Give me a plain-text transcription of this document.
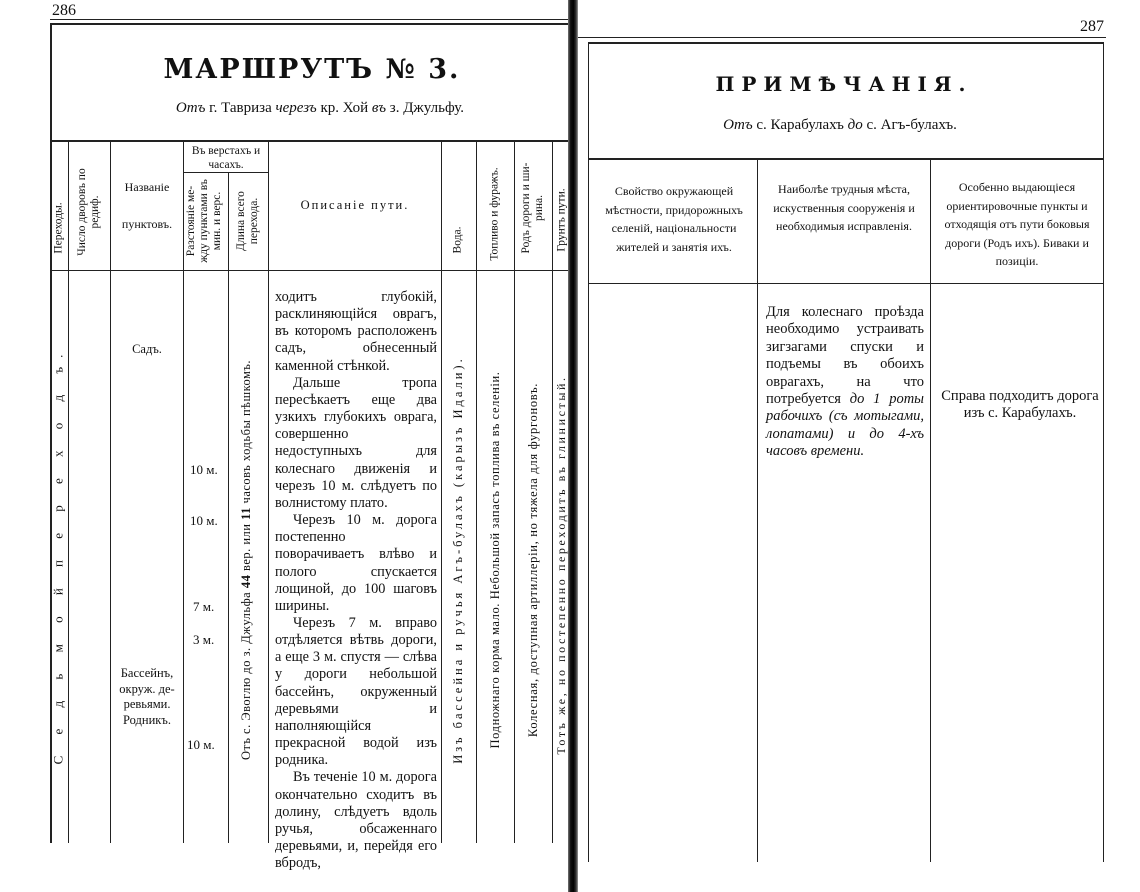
286
МАРШРУТЪ № 3.
Отъ г. Тавриза черезъ кр. Хой въ з. Джульфу.
Переходы. Число дворовъ по редиф.
Названіе
пунктовъ.
Въ верстахъ и часахъ.
Разстояніе ме- жду пунктами въ мин. и верс. Длина всего перехода.	Описаніе пути.
Вода. Топливо и фуражъ. Родъ дороги и ши- рина. Грунтъ пути.
С е д ь м о й п е р е х о д ъ.	Садъ.
Бассейнъ,
окруж. де-
ревьями.
Родникъ.
10 м.
10 м.
7 м.
3 м.
10 м. Отъ с. Эвоглю до з. Джульфа 44 вер. или 11 часовъ ходьбы пѣшкомъ.

ходитъ глубокій, расклиняющійся оврагъ, въ которомъ расположенъ садъ, обнесенный каменной стѣнкой.

Дальше тропа пересѣкаетъ еще два узкихъ глубокихъ оврага, совершенно недоступныхъ для колеснаго движенія и черезъ 10 м. слѣдуетъ по волнистому плато.

Черезъ 10 м. дорога постепенно поворачиваетъ влѣво и полого спускается лощиной, до 100 шаговъ ширины.

Черезъ 7 м. вправо отдѣляется вѣтвь дороги, а еще 3 м. спустя — слѣва у дороги небольшой бассейнъ, окруженный деревьями и наполняющійся прекрасной водой изъ родника.

Въ теченіе 10 м. дорога окончательно сходитъ въ долину, слѣдуетъ вдоль ручья, обсаженнаго деревьями, и, перейдя его вбродъ,

Изъ бассейна и ручья Агъ-булахъ (карызъ Идали). Подножнаго корма мало. Небольшой запасъ топлива въ селеніи. Колесная, доступная артиллеріи, но тяжела для фургоновъ. Тотъ же, но постепенно переходитъ въ глинистый.
287
ПРИМѢЧАНІЯ.
Отъ с. Карабулахъ до с. Агъ-булахъ.
Свойство окружающей мѣстности, придорожныхъ селеній, національности жителей и занятія ихъ.
Наиболѣе трудныя мѣста, искуственныя сооруженія и необходимыя исправленія.
Особенно выдающіеся ориентировочные пункты и отходящія отъ пути боковыя дороги (Родъ ихъ). Биваки и позиціи.
Для колеснаго проѣзда необходимо устраивать зигзагами спуски и подъемы въ обоихъ оврагахъ, на что потребуется до 1 роты рабочихъ (съ мотыгами, лопатами) и до 4-хъ часовъ времени.
Справа подходитъ дорога изъ с. Карабулахъ.
